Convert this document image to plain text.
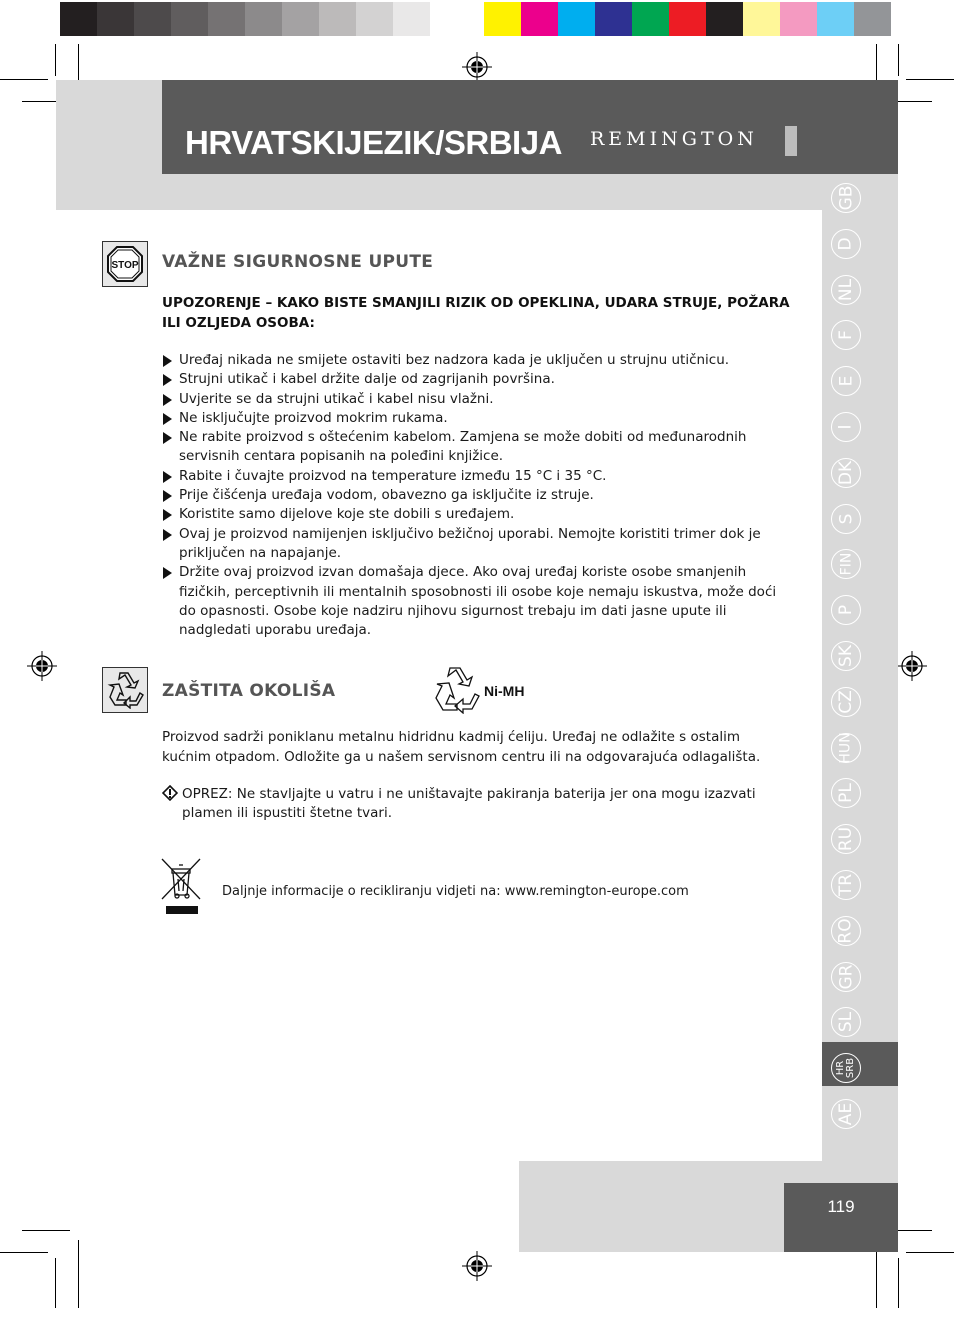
HRVATSKIJEZIK/SRBIJA REMINGTON
GB
D
NL
F
E
I
DK
S
FIN
P
SK
CZ
HUN
PL
RU
TR
RO
GR
SL
HR
SRB
AE
STOP VAŽNE SIGURNOSNE UPUTE
UPOZORENJE – KAKO BISTE SMANJILI RIZIK OD OPEKLINA, UDARA STRUJE, POŽARA ILI OZLJEDA OSOBA:
Uređaj nikada ne smijete ostaviti bez nadzora kada je uključen u strujnu utičnicu.
Strujni utikač i kabel držite dalje od zagrijanih površina.
Uvjerite se da strujni utikač i kabel nisu vlažni.
Ne isključujte proizvod mokrim rukama.
Ne rabite proizvod s oštećenim kabelom. Zamjena se može dobiti od međunarodnih servisnih centara popisanih na poleđini knjižice.
Rabite i čuvajte proizvod na temperature između 15 °C i 35 °C.
Prije čišćenja uređaja vodom, obavezno ga isključite iz struje.
Koristite samo dijelove koje ste dobili s uređajem.
Ovaj je proizvod namijenjen isključivo bežičnoj uporabi. Nemojte koristiti trimer dok je priključen na napajanje.
Držite ovaj proizvod izvan domašaja djece. Ako ovaj uređaj koriste osobe smanjenih fizičkih, perceptivnih ili mentalnih sposobnosti ili osobe koje nemaju iskustva, može doći do opasnosti. Osobe koje nadziru njihovu sigurnost trebaju im dati jasne upute ili nadgledati uporabu uređaja.
ZAŠTITA OKOLIŠA	Ni-MH
Proizvod sadrži poniklanu metalnu hidridnu kadmij ćeliju. Uređaj ne odlažite s ostalim kućnim otpadom. Odložite ga u našem servisnom centru ili na odgovarajuća odlagališta.
OPREZ: Ne stavljajte u vatru i ne uništavajte pakiranja baterija jer ona mogu izazvati plamen ili ispustiti štetne tvari.
Daljnje informacije o recikliranju vidjeti na: www.remington-europe.com
119
